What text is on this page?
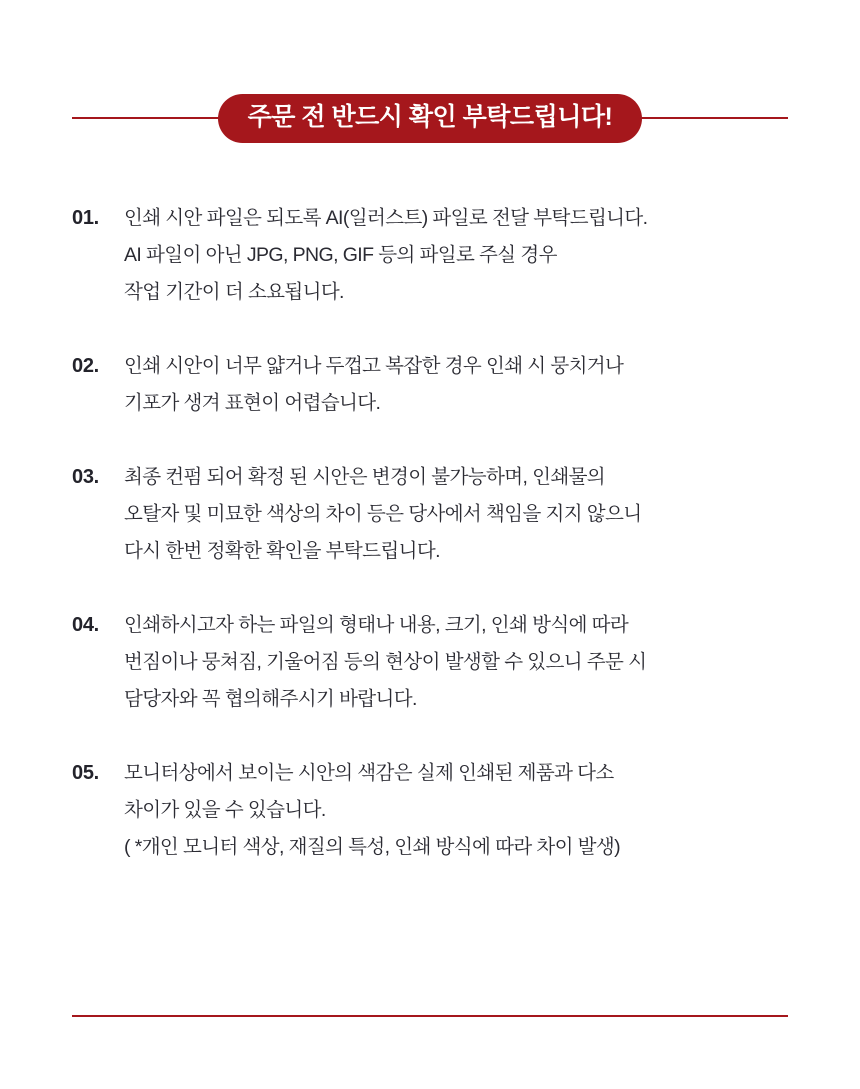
주문 전 반드시 확인 부탁드립니다!
01.	인쇄 시안 파일은 되도록 AI(일러스트) 파일로 전달 부탁드립니다.
AI 파일이 아닌 JPG, PNG, GIF 등의 파일로 주실 경우
작업 기간이 더 소요됩니다.
02.	인쇄 시안이 너무 얇거나 두껍고 복잡한 경우 인쇄 시 뭉치거나
기포가 생겨 표현이 어렵습니다.
03.	최종 컨펌 되어 확정 된 시안은 변경이 불가능하며, 인쇄물의
오탈자 및 미묘한 색상의 차이 등은 당사에서 책임을 지지 않으니
다시 한번 정확한 확인을 부탁드립니다.
04.	인쇄하시고자 하는 파일의 형태나 내용, 크기, 인쇄 방식에 따라
번짐이나 뭉쳐짐, 기울어짐 등의 현상이 발생할 수 있으니 주문 시
담당자와 꼭 협의해주시기 바랍니다.
05.	모니터상에서 보이는 시안의 색감은 실제 인쇄된 제품과 다소
차이가 있을 수 있습니다.
( *개인 모니터 색상, 재질의 특성, 인쇄 방식에 따라 차이 발생)
